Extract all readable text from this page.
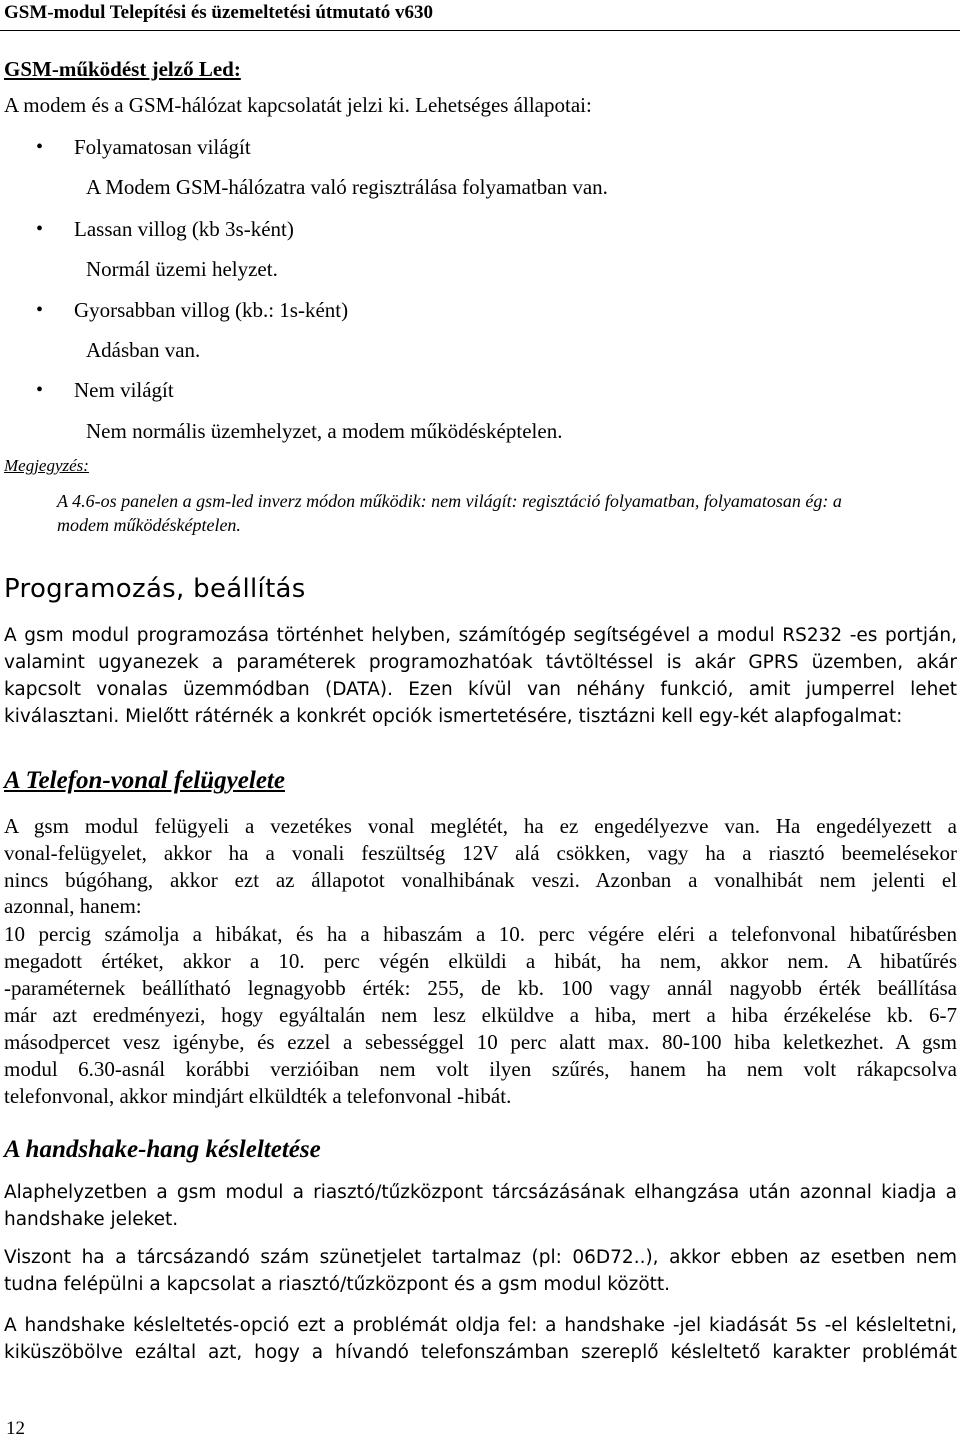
GSM-modul Telepítési és üzemeltetési útmutató v630
GSM-működést jelző Led:
A modem és a GSM-hálózat kapcsolatát jelzi ki. Lehetséges állapotai:
• Folyamatosan világít
A Modem GSM-hálózatra való regisztrálása folyamatban van.
• Lassan villog (kb 3s-ként)
Normál üzemi helyzet.
• Gyorsabban villog (kb.: 1s-ként)
Adásban van.
• Nem világít
Nem normális üzemhelyzet, a modem működésképtelen.
Megjegyzés:
A 4.6-os panelen a gsm-led inverz módon működik: nem világít: regisztáció folyamatban, folyamatosan ég: a
modem működésképtelen.
Programozás, beállítás
A gsm modul programozása történhet helyben, számítógép segítségével a modul RS232 -es portján,
valamint ugyanezek a paraméterek programozhatóak távtöltéssel is akár GPRS üzemben, akár
kapcsolt vonalas üzemmódban (DATA). Ezen kívül van néhány funkció, amit jumperrel lehet
kiválasztani. Mielőtt rátérnék a konkrét opciók ismertetésére, tisztázni kell egy-két alapfogalmat:
A Telefon-vonal felügyelete
A gsm modul felügyeli a vezetékes vonal meglétét, ha ez engedélyezve van. Ha engedélyezett a
vonal-felügyelet, akkor ha a vonali feszültség 12V alá csökken, vagy ha a riasztó beemelésekor
nincs búgóhang, akkor ezt az állapotot vonalhibának veszi. Azonban a vonalhibát nem jelenti el
azonnal, hanem:
10 percig számolja a hibákat, és ha a hibaszám a 10. perc végére eléri a telefonvonal hibatűrésben
megadott értéket, akkor a 10. perc végén elküldi a hibát, ha nem, akkor nem. A hibatűrés
-paraméternek beállítható legnagyobb érték: 255, de kb. 100 vagy annál nagyobb érték beállítása
már azt eredményezi, hogy egyáltalán nem lesz elküldve a hiba, mert a hiba érzékelése kb. 6-7
másodpercet vesz igénybe, és ezzel a sebességgel 10 perc alatt max. 80-100 hiba keletkezhet. A gsm
modul 6.30-asnál korábbi verzióiban nem volt ilyen szűrés, hanem ha nem volt rákapcsolva
telefonvonal, akkor mindjárt elküldték a telefonvonal -hibát.
A handshake-hang késleltetése
Alaphelyzetben a gsm modul a riasztó/tűzközpont tárcsázásának elhangzása után azonnal kiadja a
handshake jeleket.
Viszont ha a tárcsázandó szám szünetjelet tartalmaz (pl: 06D72..), akkor ebben az esetben nem
tudna felépülni a kapcsolat a riasztó/tűzközpont és a gsm modul között.
A handshake késleltetés-opció ezt a problémát oldja fel: a handshake -jel kiadását 5s -el késleltetni,
kiküszöbölve ezáltal azt, hogy a hívandó telefonszámban szereplő késleltető karakter problémát
12
